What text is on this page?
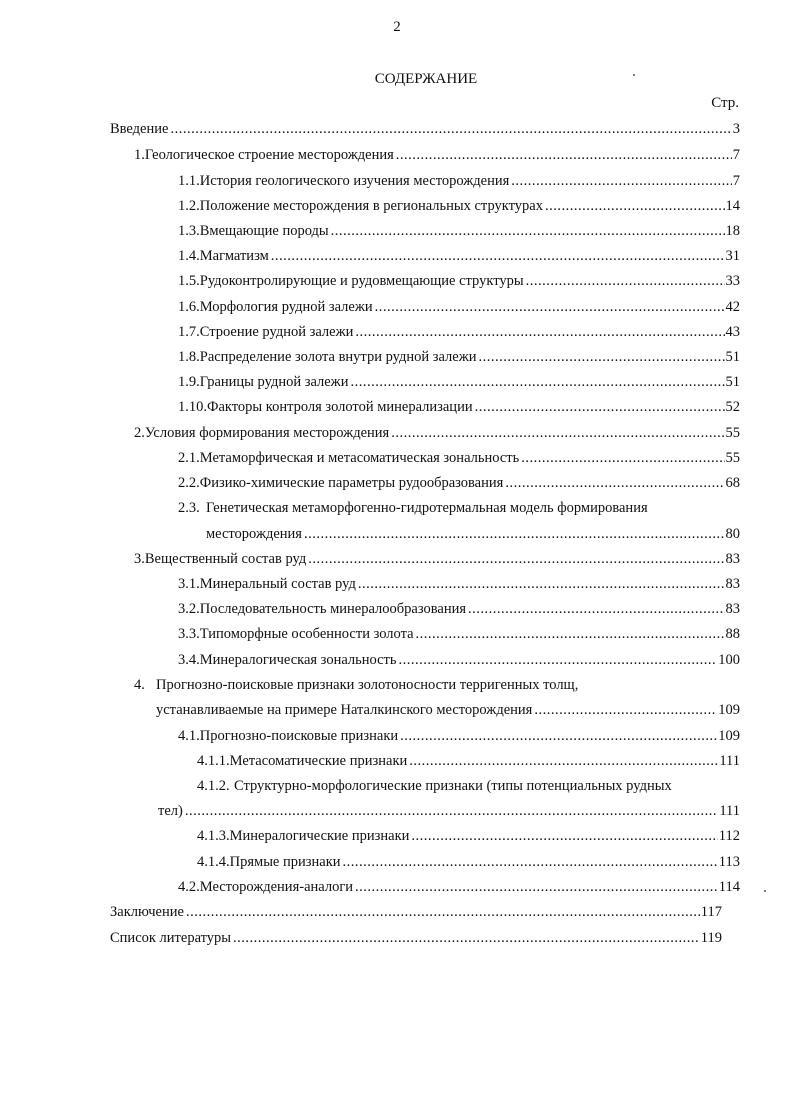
2
СОДЕРЖАНИЕ
Стр.
Введение .....	3
1. Геологическое строение месторождения .....	7
1.1. История геологического изучения месторождения .....	7
1.2. Положение месторождения в региональных структурах .....	14
1.3. Вмещающие породы .....	18
1.4. Магматизм .....	31
1.5. Рудоконтролирующие и рудовмещающие структуры .....	33
1.6. Морфология рудной залежи .....	42
1.7. Строение рудной залежи .....	43
1.8. Распределение золота внутри рудной залежи .....	51
1.9. Границы рудной залежи .....	51
1.10. Факторы контроля золотой минерализации .....	52
2. Условия формирования месторождения .....	55
2.1. Метаморфическая и метасоматическая зональность .....	55
2.2. Физико-химические параметры рудообразования .....	68
2.3. Генетическая метаморфогенно-гидротермальная модель формирования
месторождения .....	80
3. Вещественный состав руд .....	83
3.1. Минеральный состав руд .....	83
3.2. Последовательность минералообразования .....	83
3.3. Типоморфные особенности золота .....	88
3.4. Минералогическая зональность .....	100
4. Прогнозно-поисковые признаки золотоносности терригенных толщ,
устанавливаемые на примере Наталкинского месторождения .....	109
4.1. Прогнозно-поисковые признаки .....	109
4.1.1. Метасоматические признаки .....	111
4.1.2. Структурно-морфологические признаки (типы потенциальных рудных
тел) .....	111
4.1.3. Минералогические признаки .....	112
4.1.4. Прямые признаки .....	113
4.2. Месторождения-аналоги .....	114
Заключение .....	117
Список литературы .....	119
